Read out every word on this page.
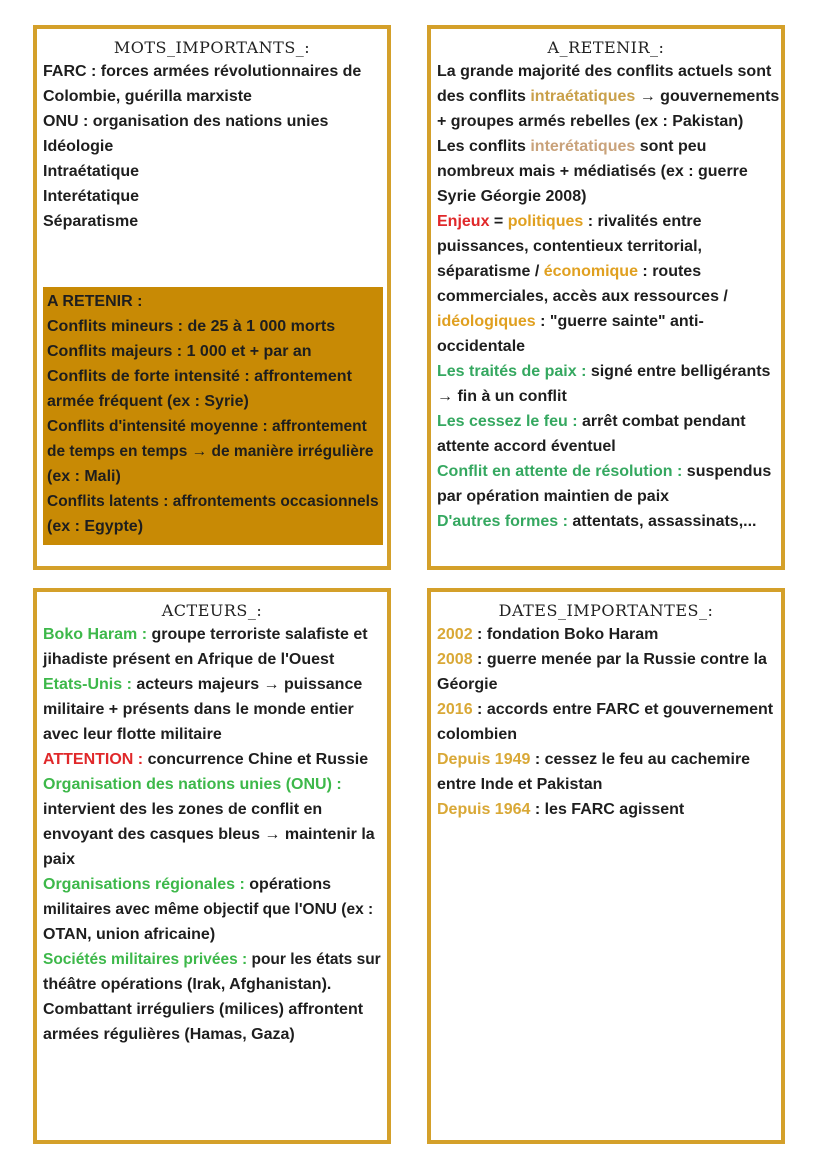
MOTS_IMPORTANTS_:
FARC : forces armées révolutionnaires de
Colombie, guérilla marxiste
ONU : organisation des nations unies
Idéologie
Intraétatique
Interétatique
Séparatisme
A RETENIR :
Conflits mineurs : de 25 à 1 000 morts
Conflits majeurs : 1 000 et + par an
Conflits de forte intensité : affrontement
armée fréquent (ex : Syrie)
Conflits d'intensité moyenne : affrontement
de temps en temps → de manière irrégulière
(ex : Mali)
Conflits latents : affrontements occasionnels
(ex : Egypte)
A_RETENIR_:
La grande majorité des conflits actuels sont
des conflits intraétatiques → gouvernements
+ groupes armés rebelles (ex : Pakistan)
Les conflits interétatiques sont peu
nombreux mais + médiatisés (ex : guerre
Syrie Géorgie 2008)
Enjeux = politiques : rivalités entre
puissances, contentieux territorial,
séparatisme / économique : routes
commerciales, accès aux ressources /
idéologiques : "guerre sainte" anti-
occidentale
Les traités de paix : signé entre belligérants
→ fin à un conflit
Les cessez le feu : arrêt combat pendant
attente accord éventuel
Conflit en attente de résolution : suspendus
par opération maintien de paix
D'autres formes : attentats, assassinats,...
ACTEURS_:
Boko Haram : groupe terroriste salafiste et
jihadiste présent en Afrique de l'Ouest
Etats-Unis : acteurs majeurs → puissance
militaire + présents dans le monde entier
avec leur flotte militaire
ATTENTION : concurrence Chine et Russie
Organisation des nations unies (ONU) :
intervient des les zones de conflit en
envoyant des casques bleus → maintenir la
paix
Organisations régionales : opérations
militaires avec même objectif que l'ONU (ex :
OTAN, union africaine)
Sociétés militaires privées : pour les états sur
théâtre opérations (Irak, Afghanistan).
Combattant irréguliers (milices) affrontent
armées régulières (Hamas, Gaza)
DATES_IMPORTANTES_:
2002 : fondation Boko Haram
2008 : guerre menée par la Russie contre la
Géorgie
2016 : accords entre FARC et gouvernement
colombien
Depuis 1949 : cessez le feu au cachemire
entre Inde et Pakistan
Depuis 1964 : les FARC agissent
